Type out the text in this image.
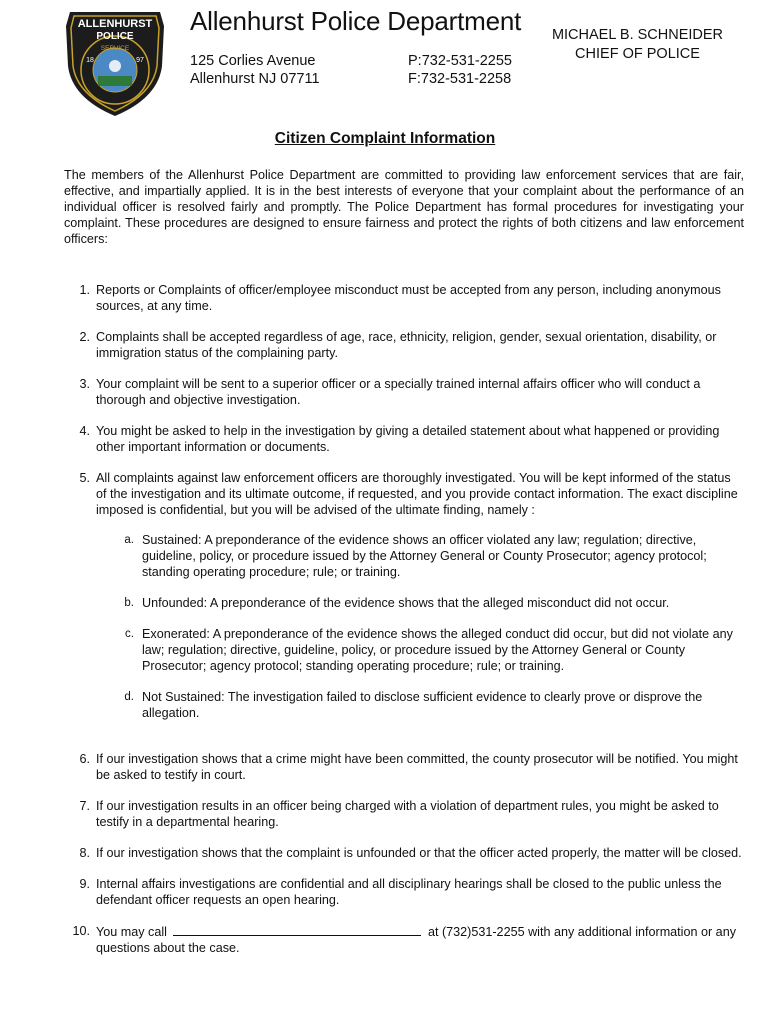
ALLENHURST
POLICE
SERVICE
18	97
Allenhurst Police Department
125 Corlies Avenue
Allenhurst NJ 07711
P:732-531-2255
F:732-531-2258
MICHAEL B. SCHNEIDER
CHIEF OF POLICE
Citizen Complaint Information

The members of the Allenhurst Police Department are committed to providing law enforcement services that are fair, effective, and impartially applied. It is in the best interests of everyone that your complaint about the performance of an individual officer is resolved fairly and promptly. The Police Department has formal procedures for investigating your complaint. These procedures are designed to ensure fairness and protect the rights of both citizens and law enforcement officers:

1. Reports or Complaints of officer/employee misconduct must be accepted from any person, including anonymous sources, at any time.
2. Complaints shall be accepted regardless of age, race, ethnicity, religion, gender, sexual orientation, disability, or immigration status of the complaining party.
3. Your complaint will be sent to a superior officer or a specially trained internal affairs officer who will conduct a thorough and objective investigation.
4. You might be asked to help in the investigation by giving a detailed statement about what happened or providing other important information or documents.
5. All complaints against law enforcement officers are thoroughly investigated. You will be kept informed of the status of the investigation and its ultimate outcome, if requested, and you provide contact information. The exact discipline imposed is confidential, but you will be advised of the ultimate finding, namely :
a. Sustained: A preponderance of the evidence shows an officer violated any law; regulation; directive, guideline, policy, or procedure issued by the Attorney General or County Prosecutor; agency protocol; standing operating procedure; rule; or training.
b. Unfounded: A preponderance of the evidence shows that the alleged misconduct did not occur.
c. Exonerated: A preponderance of the evidence shows the alleged conduct did occur, but did not violate any law; regulation; directive, guideline, policy, or procedure issued by the Attorney General or County Prosecutor; agency protocol; standing operating procedure; rule; or training.
d. Not Sustained: The investigation failed to disclose sufficient evidence to clearly prove or disprove the allegation.
6. If our investigation shows that a crime might have been committed, the county prosecutor will be notified. You might be asked to testify in court.
7. If our investigation results in an officer being charged with a violation of department rules, you might be asked to testify in a departmental hearing.
8. If our investigation shows that the complaint is unfounded or that the officer acted properly, the matter will be closed.
9. Internal affairs investigations are confidential and all disciplinary hearings shall be closed to the public unless the defendant officer requests an open hearing.
10. You may call	at (732)531-2255 with any additional information or any questions about the case.
